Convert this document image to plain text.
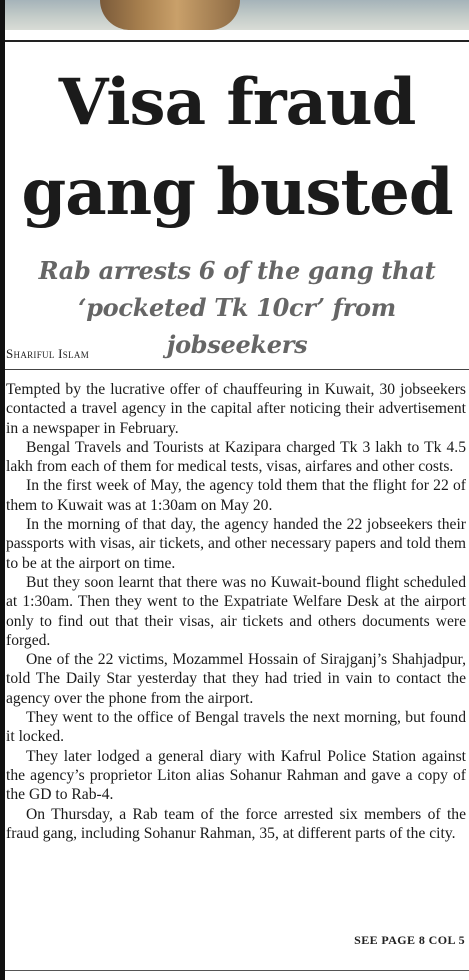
Visa fraud
gang busted
Rab arrests 6 of the gang that
‘pocketed Tk 10cr’ from jobseekers
Shariful Islam

Tempted by the lucrative offer of chauffeuring in Kuwait, 30 jobseekers contacted a travel agency in the capital after noticing their advertisement in a newspaper in February.

Bengal Travels and Tourists at Kazipara charged Tk 3 lakh to Tk 4.5 lakh from each of them for medical tests, visas, airfares and other costs.

In the first week of May, the agency told them that the flight for 22 of them to Kuwait was at 1:30am on May 20.

In the morning of that day, the agency handed the 22 jobseekers their passports with visas, air tickets, and other necessary papers and told them to be at the airport on time.

But they soon learnt that there was no Kuwait-bound flight scheduled at 1:30am. Then they went to the Expatriate Welfare Desk at the airport only to find out that their visas, air tickets and others documents were forged.

One of the 22 victims, Mozammel Hossain of Sirajganj’s Shahjadpur, told The Daily Star yesterday that they had tried in vain to contact the agency over the phone from the airport.

They went to the office of Bengal travels the next morning, but found it locked.

They later lodged a general diary with Kafrul Police Station against the agency’s proprietor Liton alias Sohanur Rahman and gave a copy of the GD to Rab-4.

On Thursday, a Rab team of the force arrested six members of the fraud gang, including Sohanur Rahman, 35, at different parts of the city.

SEE PAGE 8 COL 5
